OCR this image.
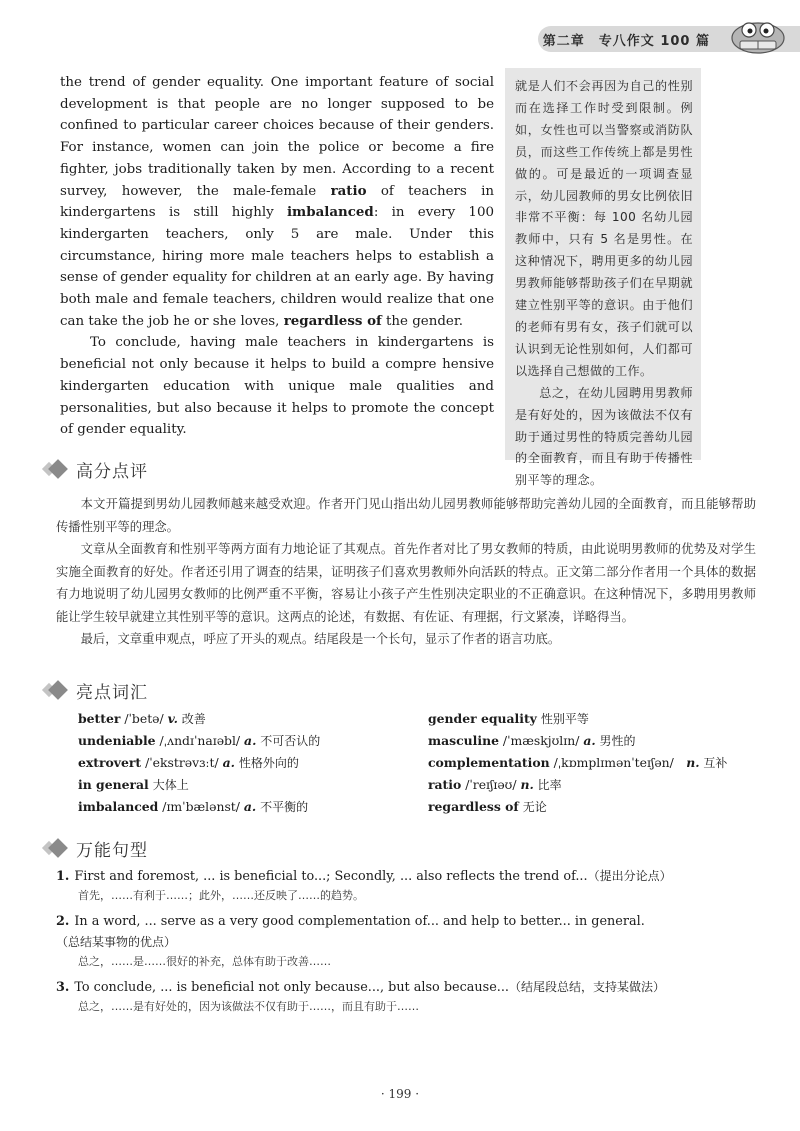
第二章　专八作文 100 篇

the trend of gender equality. One important feature of social development is that people are no longer supposed to be confined to particular career choices because of their genders. For instance, women can join the police or become a fire fighter, jobs traditionally taken by men. According to a recent survey, however, the male-female ratio of teachers in kindergartens is still highly imbalanced: in every 100 kindergarten teachers, only 5 are male. Under this circumstance, hiring more male teachers helps to establish a sense of gender equality for children at an early age. By having both male and female teachers, children would realize that one can take the job he or she loves, regardless of the gender.

To conclude, having male teachers in kindergartens is beneficial not only because it helps to build a compre hensive kindergarten education with unique male qualities and personalities, but also because it helps to promote the concept of gender equality.

就是人们不会再因为自己的性别而在选择工作时受到限制。例如，女性也可以当警察或消防队员，而这些工作传统上都是男性做的。可是最近的一项调查显示，幼儿园教师的男女比例依旧非常不平衡：每 100 名幼儿园教师中，只有 5 名是男性。在这种情况下，聘用更多的幼儿园男教师能够帮助孩子们在早期就建立性别平等的意识。由于他们的老师有男有女，孩子们就可以认识到无论性别如何，人们都可以选择自己想做的工作。

总之，在幼儿园聘用男教师是有好处的，因为该做法不仅有助于通过男性的特质完善幼儿园的全面教育，而且有助于传播性别平等的理念。

高分点评

本文开篇提到男幼儿园教师越来越受欢迎。作者开门见山指出幼儿园男教师能够帮助完善幼儿园的全面教育，而且能够帮助传播性别平等的理念。

文章从全面教育和性别平等两方面有力地论证了其观点。首先作者对比了男女教师的特质，由此说明男教师的优势及对学生实施全面教育的好处。作者还引用了调查的结果，证明孩子们喜欢男教师外向活跃的特点。正文第二部分作者用一个具体的数据有力地说明了幼儿园男女教师的比例严重不平衡，容易让小孩子产生性别决定职业的不正确意识。在这种情况下，多聘用男教师能让学生较早就建立其性别平等的意识。这两点的论述，有数据、有佐证、有理据，行文紧凑，详略得当。

最后，文章重申观点，呼应了开头的观点。结尾段是一个长句，显示了作者的语言功底。

亮点词汇
better /ˈbetə/ v. 改善
undeniable /ˌʌndɪˈnaɪəbl/ a. 不可否认的
extrovert /ˈekstrəvɜːt/ a. 性格外向的
in general 大体上
imbalanced /ɪmˈbælənst/ a. 不平衡的
gender equality 性别平等
masculine /ˈmæskjʊlɪn/ a. 男性的
complementation /ˌkɒmplɪmənˈteɪʃən/　n. 互补
ratio /ˈreɪʃɪəʊ/ n. 比率
regardless of 无论
万能句型
1. First and foremost, ... is beneficial to...; Secondly, ... also reflects the trend of...（提出分论点）
首先，……有利于……；此外，……还反映了……的趋势。
2. In a word, ... serve as a very good complementation of... and help to better... in general.（总结某事物的优点）
总之，……是……很好的补充，总体有助于改善……
3. To conclude, ... is beneficial not only because..., but also because...（结尾段总结，支持某做法）
总之，……是有好处的，因为该做法不仅有助于……，而且有助于……
· 199 ·
